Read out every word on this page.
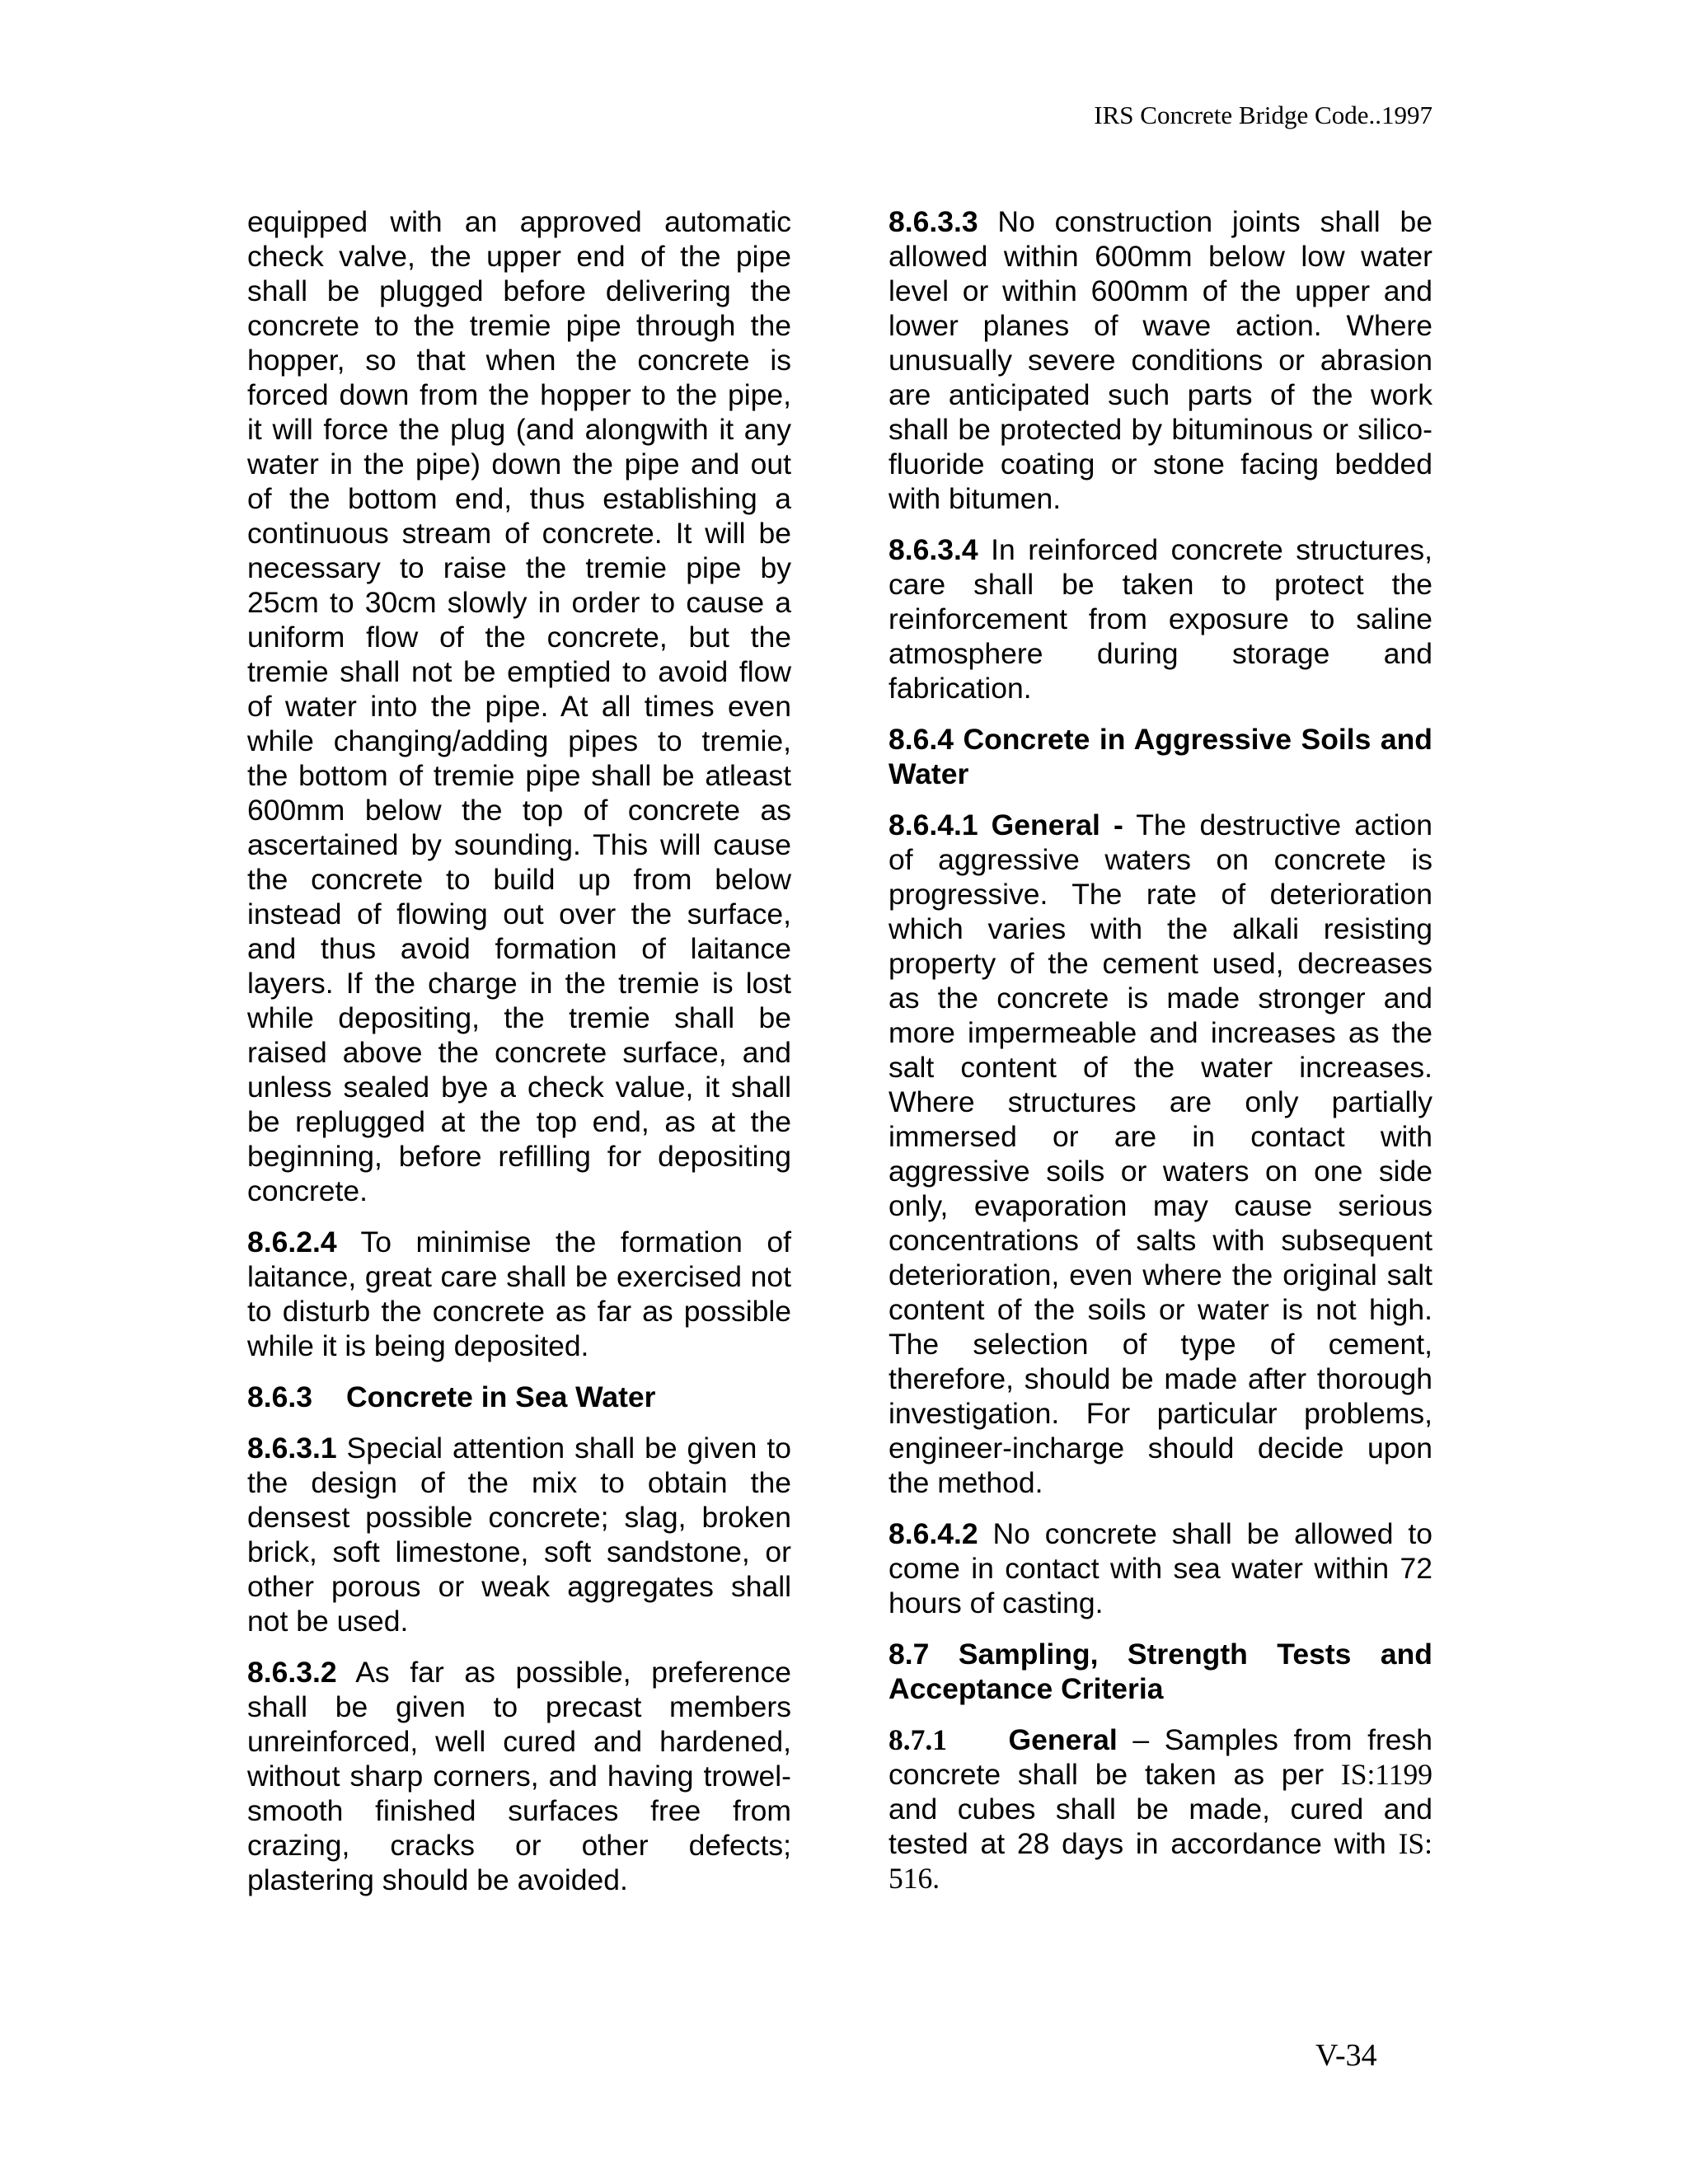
IRS Concrete Bridge Code..1997

equipped with an approved automatic check valve, the upper end of the pipe shall be plugged before delivering the concrete to the tremie pipe through the hopper, so that when the concrete is forced down from the hopper to the pipe, it will force the plug (and alongwith it any water in the pipe) down the pipe and out of the bottom end, thus establishing a continuous stream of concrete. It will be necessary to raise the tremie pipe by 25cm to 30cm slowly in order to cause a uniform flow of the concrete, but the tremie shall not be emptied to avoid flow of water into the pipe. At all times even while changing/adding pipes to tremie, the bottom of tremie pipe shall be atleast 600mm below the top of concrete as ascertained by sounding. This will cause the concrete to build up from below instead of flowing out over the surface, and thus avoid formation of laitance layers. If the charge in the tremie is lost while depositing, the tremie shall be raised above the concrete surface, and unless sealed bye a check value, it shall be replugged at the top end, as at the beginning, before refilling for depositing concrete.

8.6.2.4 To minimise the formation of laitance, great care shall be exercised not to disturb the concrete as far as possible while it is being deposited.

8.6.3 Concrete in Sea Water

8.6.3.1 Special attention shall be given to the design of the mix to obtain the densest possible concrete; slag, broken brick, soft limestone, soft sandstone, or other porous or weak aggregates shall not be used.

8.6.3.2 As far as possible, preference shall be given to precast members unreinforced, well cured and hardened, without sharp corners, and having trowel-smooth finished surfaces free from crazing, cracks or other defects; plastering should be avoided.

8.6.3.3 No construction joints shall be allowed within 600mm below low water level or within 600mm of the upper and lower planes of wave action. Where unusually severe conditions or abrasion are anticipated such parts of the work shall be protected by bituminous or silico-fluoride coating or stone facing bedded with bitumen.

8.6.3.4 In reinforced concrete structures, care shall be taken to protect the reinforcement from exposure to saline atmosphere during storage and fabrication.

8.6.4 Concrete in Aggressive Soils and Water

8.6.4.1 General - The destructive action of aggressive waters on concrete is progressive. The rate of deterioration which varies with the alkali resisting property of the cement used, decreases as the concrete is made stronger and more impermeable and increases as the salt content of the water increases. Where structures are only partially immersed or are in contact with aggressive soils or waters on one side only, evaporation may cause serious concentrations of salts with subsequent deterioration, even where the original salt content of the soils or water is not high. The selection of type of cement, therefore, should be made after thorough investigation. For particular problems, engineer-incharge should decide upon the method.

8.6.4.2 No concrete shall be allowed to come in contact with sea water within 72 hours of casting.

8.7 Sampling, Strength Tests and Acceptance Criteria

8.7.1 General – Samples from fresh concrete shall be taken as per IS:1199 and cubes shall be made, cured and tested at 28 days in accordance with IS: 516.

V-34
